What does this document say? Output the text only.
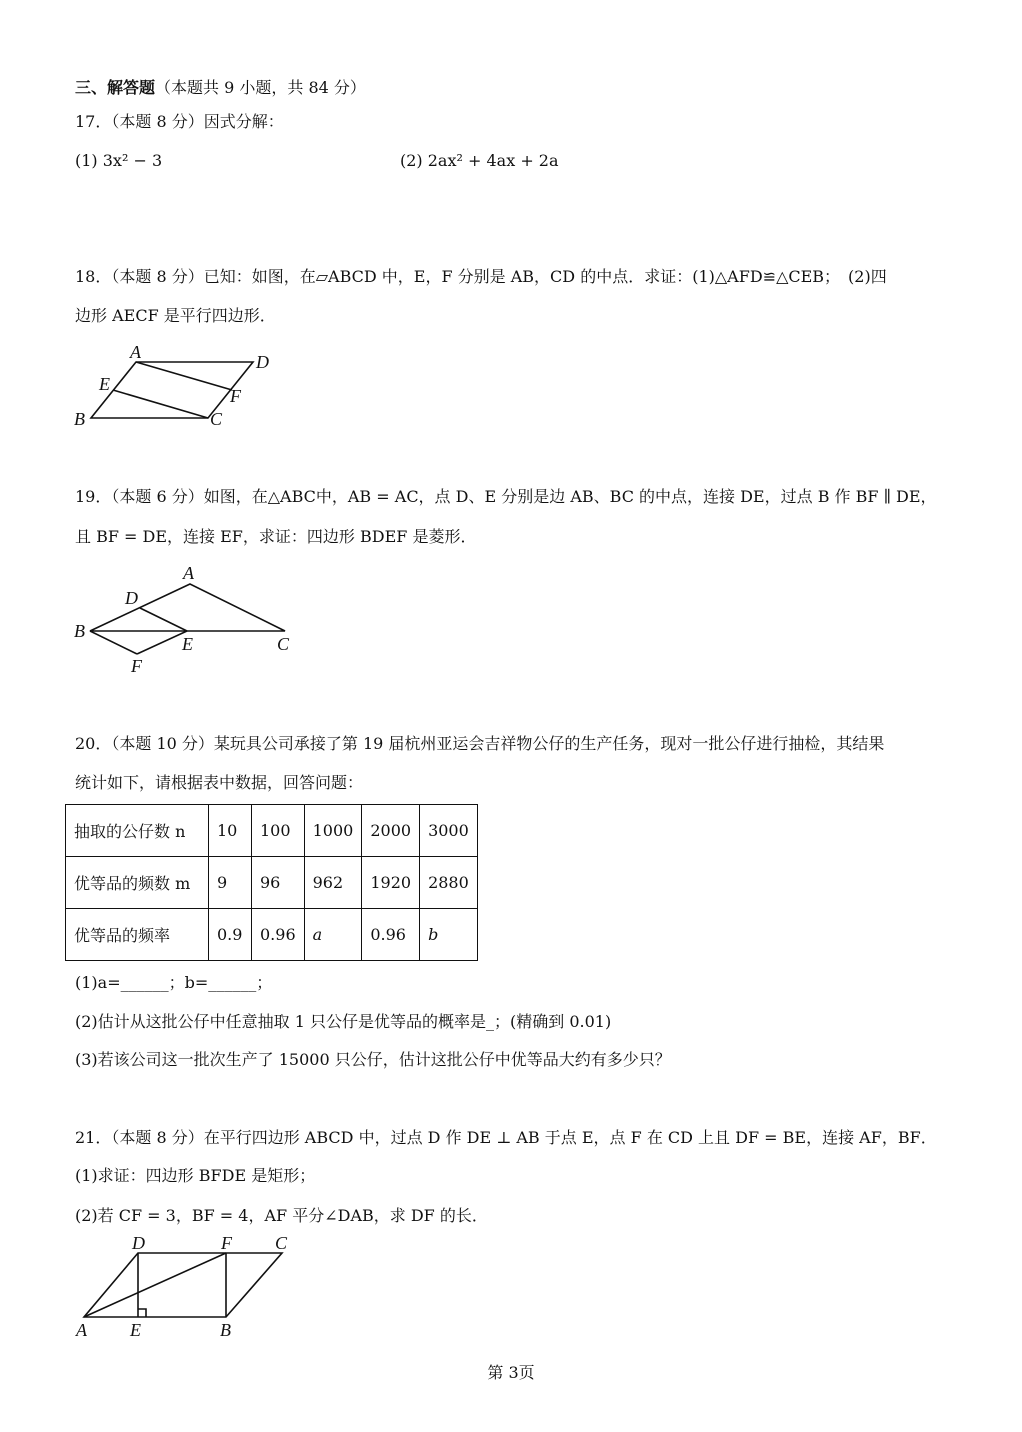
三、解答题（本题共 9 小题，共 84 分）
17．（本题 8 分）因式分解：
(1) 3x² − 3	(2) 2ax² + 4ax + 2a
18．（本题 8 分）已知：如图，在▱ABCD 中，E，F 分别是 AB，CD 的中点．求证：(1)△AFD≌△CEB；　(2)四
边形 AECF 是平行四边形．
A	D
E
F
B	C
19．（本题 6 分）如图，在△ABC中，AB = AC，点 D、E 分别是边 AB、BC 的中点，连接 DE，过点 B 作 BF ∥ DE，
且 BF = DE，连接 EF，求证：四边形 BDEF 是菱形．
A
D
B
E	C
F
20．（本题 10 分）某玩具公司承接了第 19 届杭州亚运会吉祥物公仔的生产任务，现对一批公仔进行抽检，其结果
统计如下，请根据表中数据，回答问题：
抽取的公仔数 n	10	100	1000	2000	3000
优等品的频数 m	9	96	962	1920	2880
优等品的频率	0.9	0.96	a	0.96	b
(1)a=______；b=______；
(2)估计从这批公仔中任意抽取 1 只公仔是优等品的概率是_；(精确到 0.01)
(3)若该公司这一批次生产了 15000 只公仔，估计这批公仔中优等品大约有多少只？
21．（本题 8 分）在平行四边形 ABCD 中，过点 D 作 DE ⊥ AB 于点 E，点 F 在 CD 上且 DF = BE，连接 AF，BF．
(1)求证：四边形 BFDE 是矩形；
(2)若 CF = 3，BF = 4，AF 平分∠DAB，求 DF 的长．
D	F C
A E	B
第 3页
